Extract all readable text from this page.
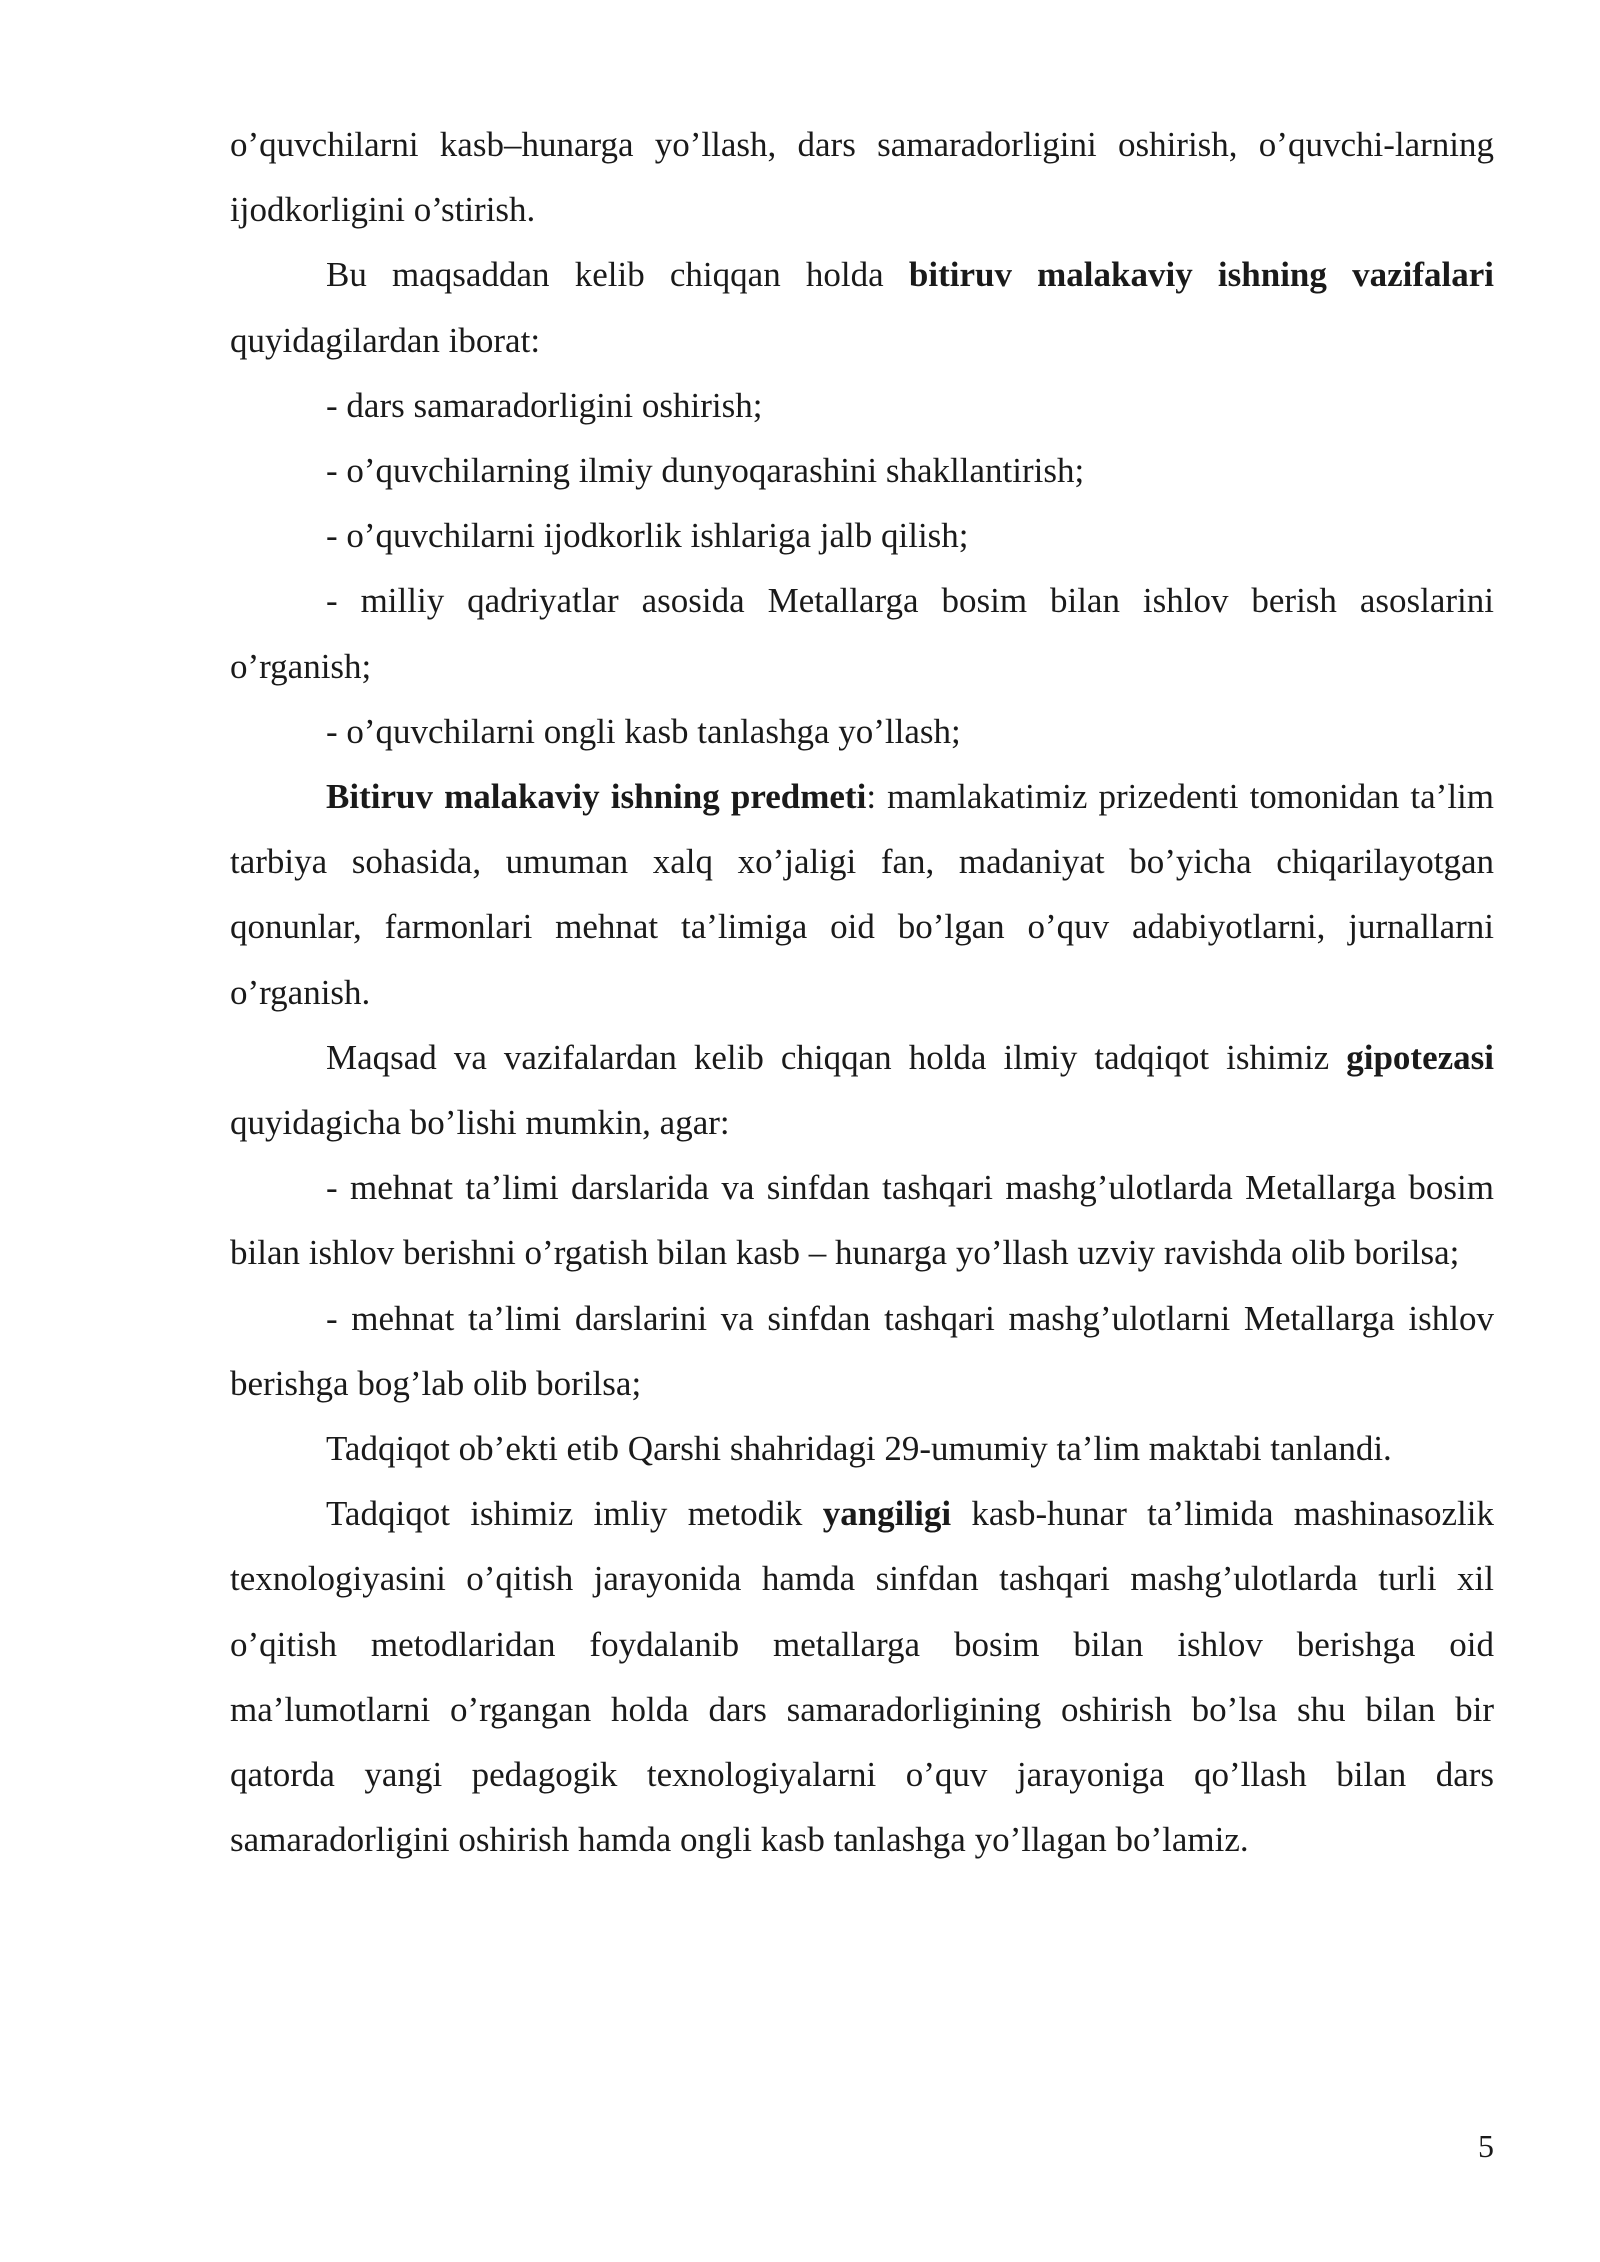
o’quvchilarni kasb–hunarga yo’llash, dars samaradorligini oshirish, o’quvchi-larning ijodkorligini o’stirish.

Bu maqsaddan kelib chiqqan holda bitiruv malakaviy ishning vazifalari quyidagilardan iborat:

- dars samaradorligini oshirish;

- o’quvchilarning ilmiy dunyoqarashini shakllantirish;

- o’quvchilarni ijodkorlik ishlariga jalb qilish;

- milliy qadriyatlar asosida Metallarga bosim bilan ishlov berish asoslarini o’rganish;

- o’quvchilarni ongli kasb tanlashga yo’llash;

Bitiruv malakaviy ishning predmeti: mamlakatimiz prizedenti tomonidan ta’lim tarbiya sohasida, umuman xalq xo’jaligi fan, madaniyat bo’yicha chiqarilayotgan qonunlar, farmonlari mehnat ta’limiga oid bo’lgan o’quv adabiyotlarni, jurnallarni o’rganish.

Maqsad va vazifalardan kelib chiqqan holda ilmiy tadqiqot ishimiz gipotezasi quyidagicha bo’lishi mumkin, agar:

- mehnat ta’limi darslarida va sinfdan tashqari mashg’ulotlarda Metallarga bosim bilan ishlov berishni o’rgatish bilan kasb – hunarga yo’llash uzviy ravishda olib borilsa;

- mehnat ta’limi darslarini va sinfdan tashqari mashg’ulotlarni Metallarga ishlov berishga bog’lab olib borilsa;

Tadqiqot ob’ekti etib Qarshi shahridagi 29-umumiy ta’lim maktabi tanlandi.

Tadqiqot ishimiz imliy metodik yangiligi kasb-hunar ta’limida mashinasozlik texnologiyasini o’qitish jarayonida hamda sinfdan tashqari mashg’ulotlarda turli xil o’qitish metodlaridan foydalanib metallarga bosim bilan ishlov berishga oid ma’lumotlarni o’rgangan holda dars samaradorligining oshirish bo’lsa shu bilan bir qatorda yangi pedagogik texnologiyalarni o’quv jarayoniga qo’llash bilan dars samaradorligini oshirish hamda ongli kasb tanlashga yo’llagan bo’lamiz.

5
